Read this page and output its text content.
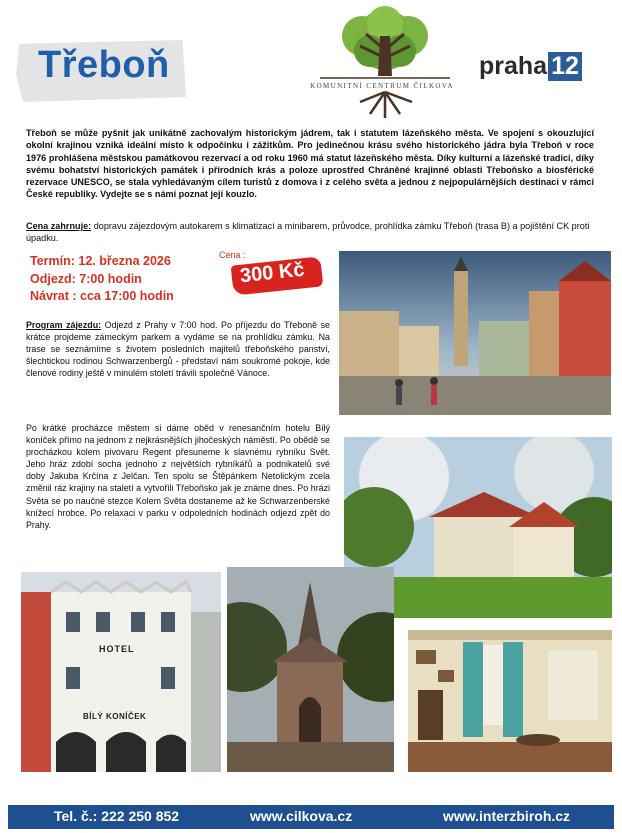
Třeboň	KOMUNITNÍ CENTRUM ČILKOVA
praha 12
Třeboň se může pyšnit jak unikátně zachovalým historickým jádrem, tak i statutem lázeňského města. Ve spojení s okouzlující okolní krajinou vzniká ideální místo k odpočinku i zážitkům. Pro jedinečnou krásu svého historického jádra byla Třeboň v roce 1976 prohlášena městskou památkovou rezervací a od roku 1960 má statut lázeňského města. Díky kulturní a lázeňské tradici, díky svému bohatství historických památek i přírodních krás a poloze uprostřed Chráněné krajinné oblasti Třeboňsko a biosférické rezervace UNESCO, se stala vyhledávaným cílem turistů z domova i z celého světa a jednou z nejpopulárnějších destinací v rámci České republiky. Vydejte se s námi poznat její kouzlo.
Cena zahrnuje: dopravu zájezdovým autokarem s klimatizací a minibarem, průvodce, prohlídka zámku Třeboň (trasa B) a pojištění CK proti úpadku.
Termín: 12. března 2026
Odjezd: 7:00 hodin
Návrat : cca 17:00 hodin
Cena :
300 Kč
Program zájezdu: Odjezd z Prahy v 7:00 hod. Po příjezdu do Třeboně se krátce projdeme zámeckým parkem a vydáme se na prohlídku zámku. Na trase se seznámíme s životem posledních majitelů třeboňského panství, šlechtickou rodinou Schwarzenbergů - představí nám soukromé pokoje, kde členové rodiny ještě v minulém století trávili společně Vánoce.
Po krátké procházce městem si dáme oběd v renesančním hotelu Bílý koníček přímo na jednom z nejkrásnějších jihočeských náměstí. Po obědě se procházkou kolem pivovaru Regent přesuneme k slavnému rybníku Svět. Jeho hráz zdobí socha jednoho z největších rybníkářů a podnikatelů své doby Jakuba Krčína z Jelčan. Ten spolu se Štěpánkem Netolickým zcela změnil ráz krajiny na staletí a vytvořili Třeboňsko jak je známe dnes. Po hrázi Světa se po naučné stezce Kolem Světa dostaneme až ke Schwarzenberské knížecí hrobce. Po relaxaci v parku v odpoledních hodinách odjezd zpět do Prahy.
HOTEL
BÍLÝ KONÍČEK
Tel. č.: 222 250 852	www.cilkova.cz	www.interzbiroh.cz
